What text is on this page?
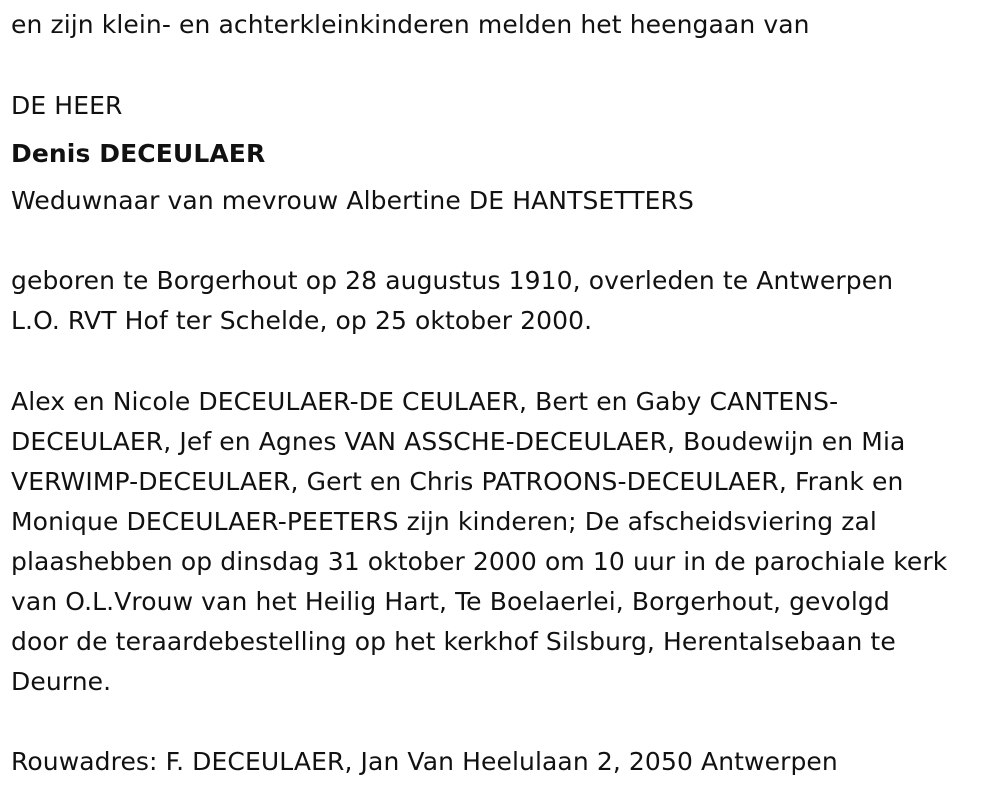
en zijn klein- en achterkleinkinderen melden het heengaan van
DE HEER
Denis DECEULAER
Weduwnaar van mevrouw Albertine DE HANTSETTERS
geboren te Borgerhout op 28 augustus 1910, overleden te Antwerpen
L.O. RVT Hof ter Schelde, op 25 oktober 2000.
Alex en Nicole DECEULAER-DE CEULAER, Bert en Gaby CANTENS-
DECEULAER, Jef en Agnes VAN ASSCHE-DECEULAER, Boudewijn en Mia
VERWIMP-DECEULAER, Gert en Chris PATROONS-DECEULAER, Frank en
Monique DECEULAER-PEETERS zijn kinderen; De afscheidsviering zal
plaashebben op dinsdag 31 oktober 2000 om 10 uur in de parochiale kerk
van O.L.Vrouw van het Heilig Hart, Te Boelaerlei, Borgerhout, gevolgd
door de teraardebestelling op het kerkhof Silsburg, Herentalsebaan te
Deurne.
Rouwadres: F. DECEULAER, Jan Van Heelulaan 2, 2050 Antwerpen
